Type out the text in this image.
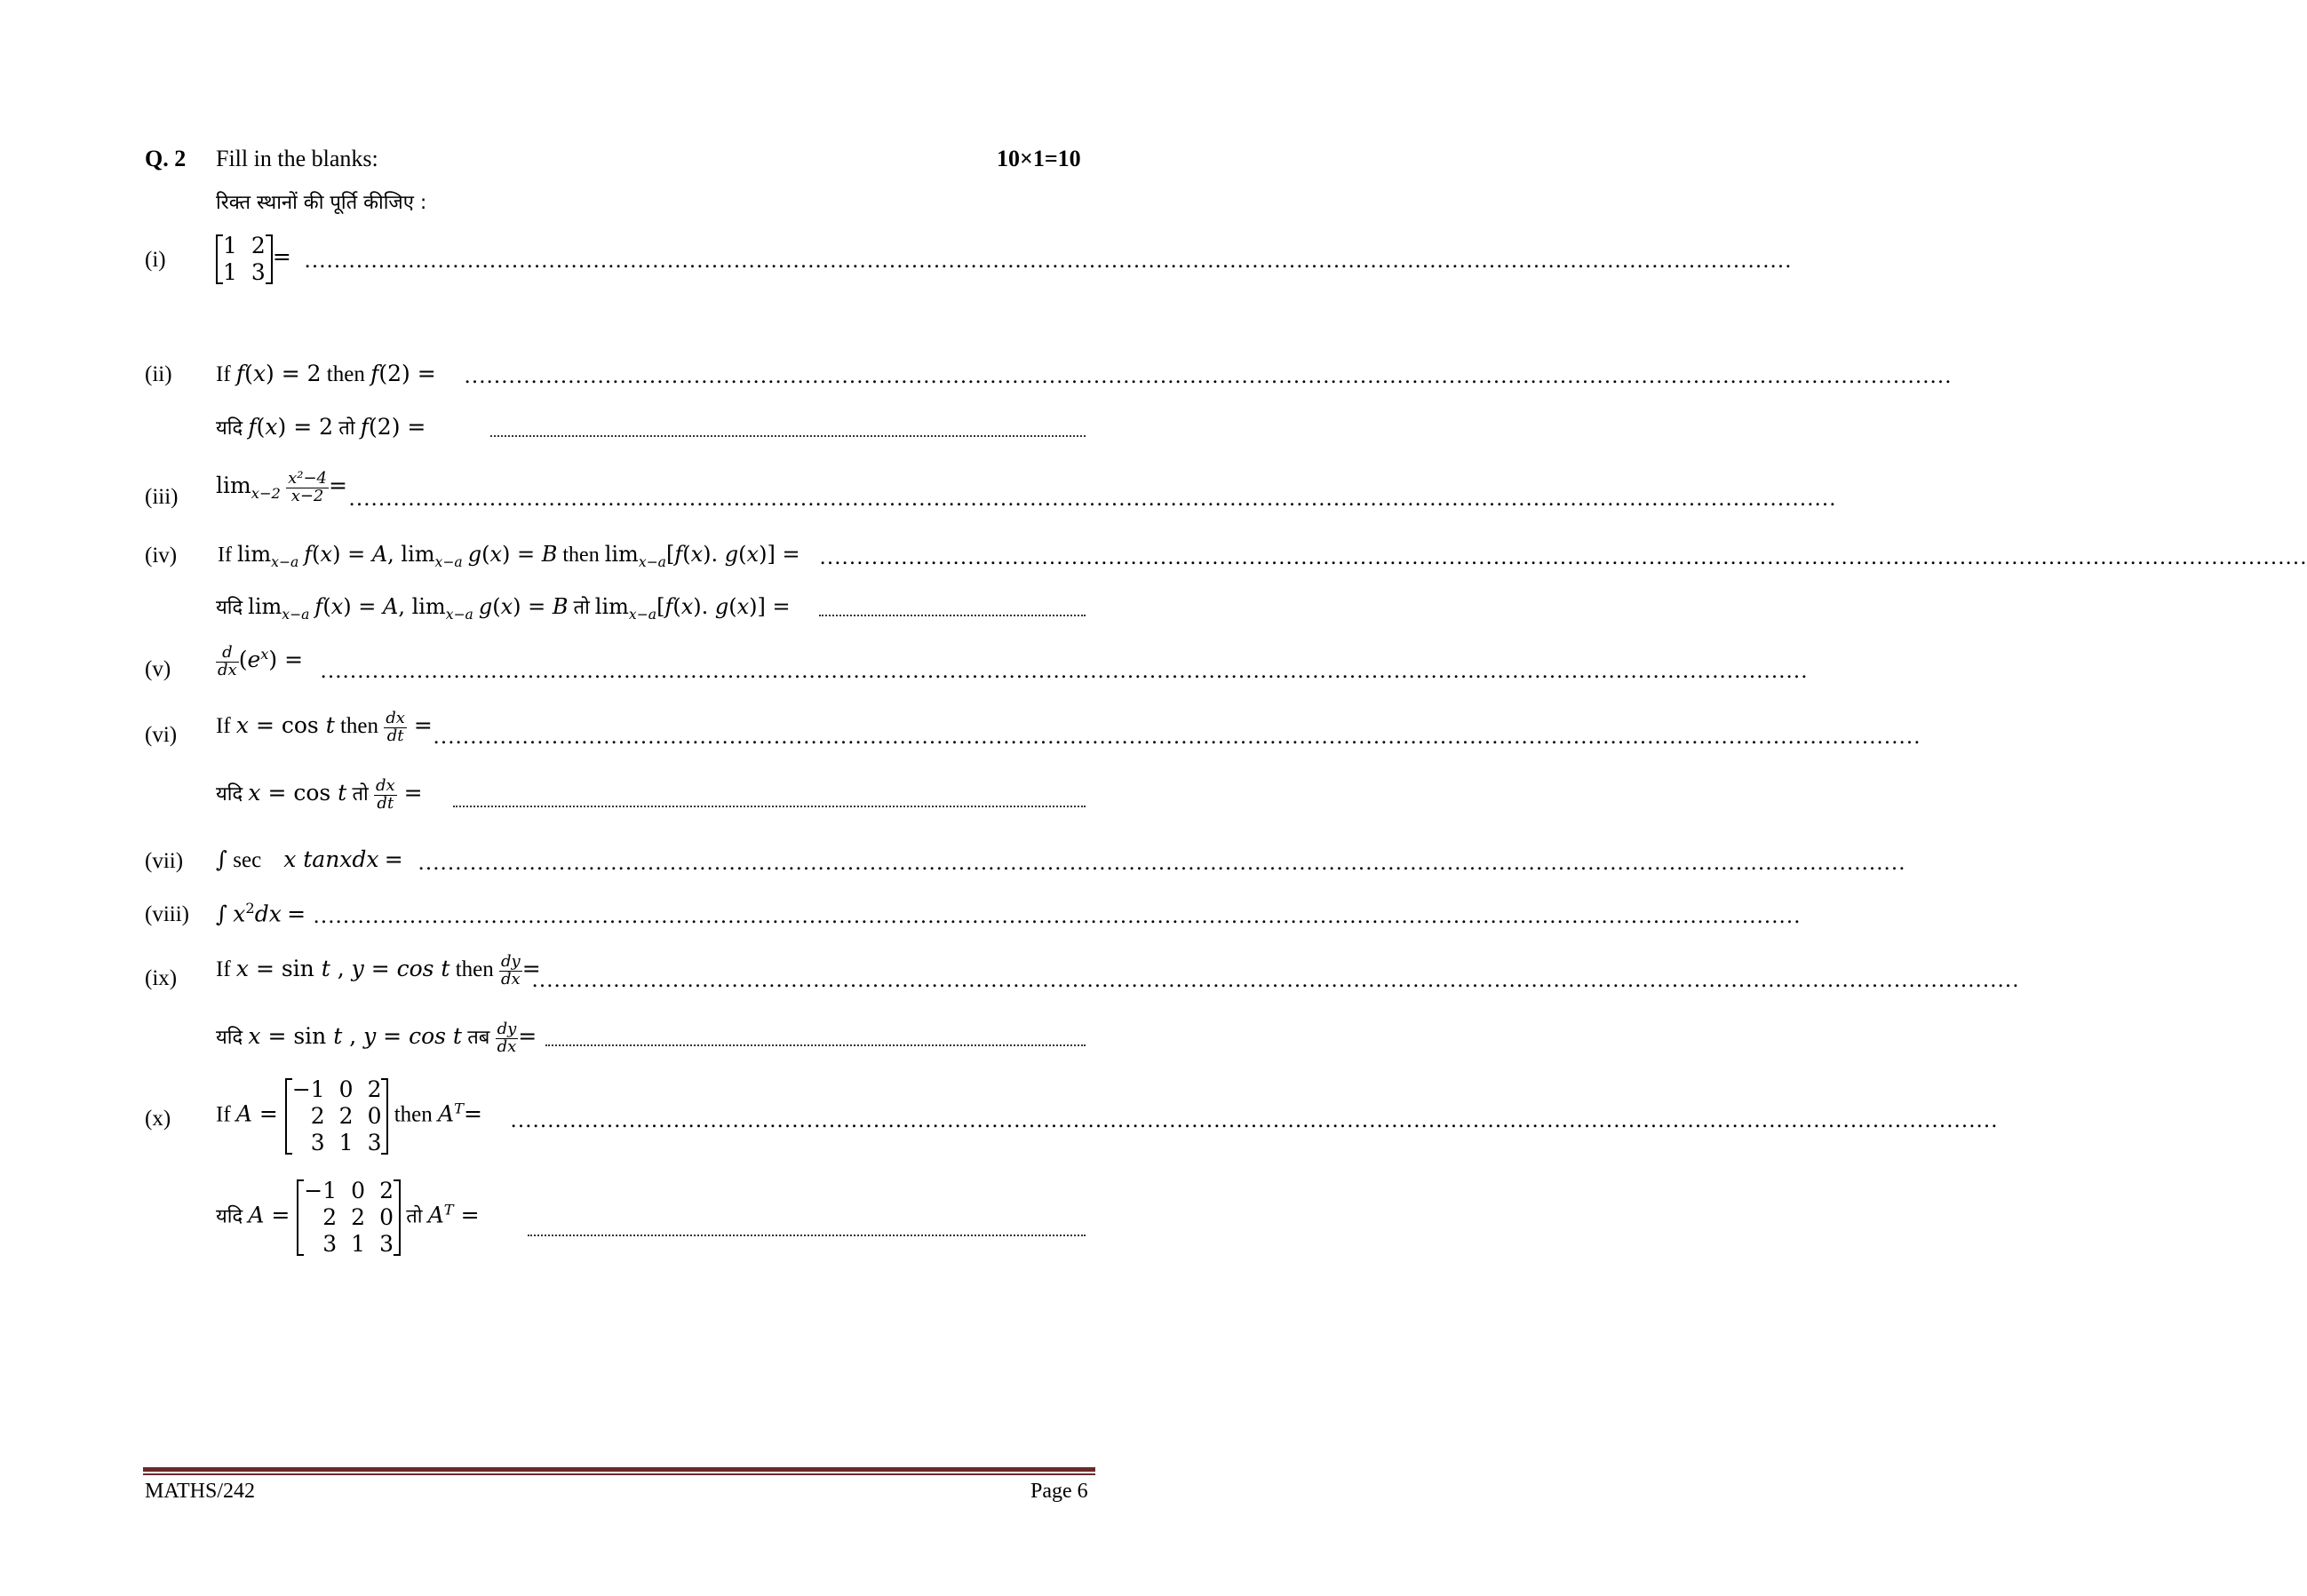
Q. 2 Fill in the blanks:	10×1=10
रिक्त स्थानों की पूर्ति कीजिए :
(i)
1	2
1	3
= …………………………………………………………………………………………………………………………………………………………………………………
(ii) If f(x) = 2 then f(2) = …………………………………………………………………………………………………………………………………………………………………………………
यदि f(x) = 2 तो f(2) =
(iii) $\lim_{x-2} \frac{\text{x²−4}}{x-2}$ =
…………………………………………………………………………………………………………………………………………………………………………………
(iv) If $\lim_{x-a} f(x) = A$, $\lim_{x-a} g(x) = B$ then $\lim_{x-a}[f(x)$. g(x)] = …………………………………………………………………………………………………………………………………………………………………………………
यदि $\lim_{x-a} f(x) = A$, $\lim_{x-a} g(x) = B$ तो $\lim_{x-a}[f(x)$. g(x)] =
(v)	$\frac{d}{dx} (e^x)$ = …………………………………………………………………………………………………………………………………………………………………………………
(vi) If x = cos t then $\frac{dx}{dt}$ = …………………………………………………………………………………………………………………………………………………………………………………
यदि x = cos t तो $\frac{dx}{dt}$ =
(vii) ∫ sec x tanxdx = …………………………………………………………………………………………………………………………………………………………………………………
(viii) ∫ $x^2dx$ = …………………………………………………………………………………………………………………………………………………………………………………
(ix) If x = sin t , y = cos t then $\frac{dy}{dx}$ =
…………………………………………………………………………………………………………………………………………………………………………………
यदि x = sin t , y = cos t तब $\frac{dy}{dx}$ =
(x) If A =
−1	0	2
2	2	0
3	1	3
then $A^T=$ …………………………………………………………………………………………………………………………………………………………………………………
यदि A =
−1	0	2
2	2	0
3	1	3
तो $A^T$ =
MATHS/242	Page 6
